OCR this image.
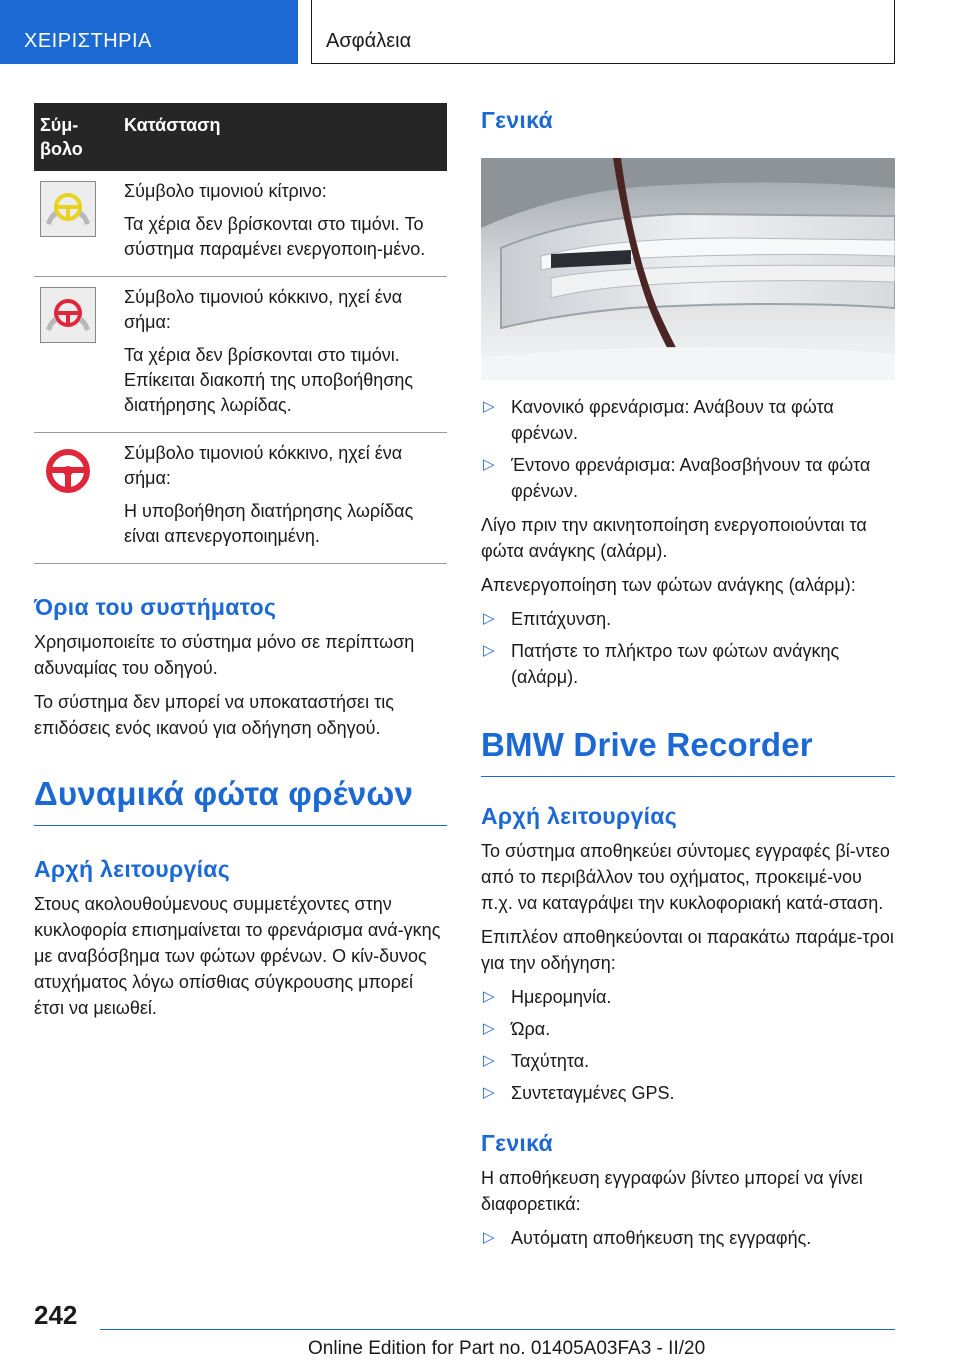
ΧΕΙΡΙΣΤΗΡΙΑ	Ασφάλεια
Σύμ-
βολο	Κατάσταση

Σύμβολο τιμονιού κίτρινο:

Τα χέρια δεν βρίσκονται στο τιμόνι. Το σύστημα παραμένει ενεργοποιη-μένο.

Σύμβολο τιμονιού κόκκινο, ηχεί ένα σήμα:

Τα χέρια δεν βρίσκονται στο τιμόνι. Επίκειται διακοπή της υποβοήθησης διατήρησης λωρίδας.

Σύμβολο τιμονιού κόκκινο, ηχεί ένα σήμα:

Η υποβοήθηση διατήρησης λωρίδας είναι απενεργοποιημένη.

Όρια του συστήματος

Χρησιμοποιείτε το σύστημα μόνο σε περίπτωση αδυναμίας του οδηγού.

Το σύστημα δεν μπορεί να υποκαταστήσει τις επιδόσεις ενός ικανού για οδήγηση οδηγού.

Δυναμικά φώτα φρένων
Αρχή λειτουργίας

Στους ακολουθούμενους συμμετέχοντες στην κυκλοφορία επισημαίνεται το φρενάρισμα ανά-γκης με αναβόσβημα των φώτων φρένων. Ο κίν-δυνος ατυχήματος λόγω οπίσθιας σύγκρουσης μπορεί έτσι να μειωθεί.

Γενικά
▷ Κανονικό φρενάρισμα: Ανάβουν τα φώτα φρένων.
▷ Έντονο φρενάρισμα: Αναβοσβήνουν τα φώτα φρένων.

Λίγο πριν την ακινητοποίηση ενεργοποιούνται τα φώτα ανάγκης (αλάρμ).

Απενεργοποίηση των φώτων ανάγκης (αλάρμ):

▷ Επιτάχυνση.
▷ Πατήστε το πλήκτρο των φώτων ανάγκης (αλάρμ).
BMW Drive Recorder
Αρχή λειτουργίας

Το σύστημα αποθηκεύει σύντομες εγγραφές βί-ντεο από το περιβάλλον του οχήματος, προκειμέ-νου π.χ. να καταγράψει την κυκλοφοριακή κατά-σταση.

Επιπλέον αποθηκεύονται οι παρακάτω παράμε-τροι για την οδήγηση:

▷ Ημερομηνία.
▷ Ώρα.
▷ Ταχύτητα.
▷ Συντεταγμένες GPS.
Γενικά

Η αποθήκευση εγγραφών βίντεο μπορεί να γίνει διαφορετικά:

▷ Αυτόματη αποθήκευση της εγγραφής.
242
Online Edition for Part no. 01405A03FA3 - II/20
